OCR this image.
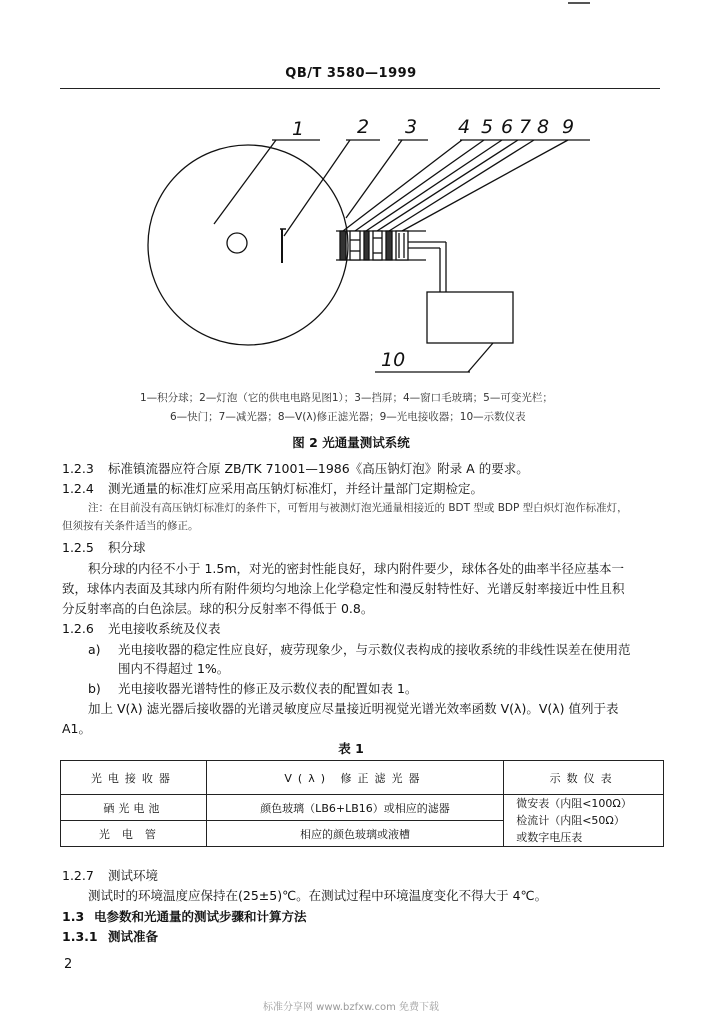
QB/T 3580—1999
1	2 3 4 5 6 7 8 9
10
1—积分球；2—灯泡（它的供电电路见图1）；3—挡屏；4—窗口毛玻璃；5—可变光栏；
6—快门；7—减光器；8—V(λ)修正滤光器；9—光电接收器；10—示数仪表
图 2 光通量测试系统
1.2.3 标准镇流器应符合原 ZB/TK 71001—1986《高压钠灯泡》附录 A 的要求。
1.2.4 测光通量的标准灯应采用高压钠灯标准灯，并经计量部门定期检定。
注：在目前没有高压钠灯标准灯的条件下，可暂用与被测灯泡光通量相接近的 BDT 型或 BDP 型白炽灯泡作标准灯，
但须按有关条件适当的修正。
1.2.5 积分球
积分球的内径不小于 1.5m，对光的密封性能良好，球内附件要少，球体各处的曲率半径应基本一
致，球体内表面及其球内所有附件须均匀地涂上化学稳定性和漫反射特性好、光谱反射率接近中性且积
分反射率高的白色涂层。球的积分反射率不得低于 0.8。
1.2.6 光电接收系统及仪表
a) 光电接收器的稳定性应良好，疲劳现象少，与示数仪表构成的接收系统的非线性误差在使用范
围内不得超过 1%。
b) 光电接收器光谱特性的修正及示数仪表的配置如表 1。
加上 V(λ) 滤光器后接收器的光谱灵敏度应尽量接近明视觉光谱光效率函数 V(λ)。V(λ) 值列于表
A1。
表 1
光电接收器	V(λ) 修正滤光器	示数仪表
硒光电池	颜色玻璃（LB6+LB16）或相应的滤器	微安表（内阻<100Ω）
检流计（内阻<50Ω）
或数字电压表

光电管	相应的颜色玻璃或液槽	
1.2.7 测试环境
测试时的环境温度应保持在(25±5)℃。在测试过程中环境温度变化不得大于 4℃。
1.3 电参数和光通量的测试步骤和计算方法
1.3.1 测试准备
2
标准分享网 www.bzfxw.com 免费下载
